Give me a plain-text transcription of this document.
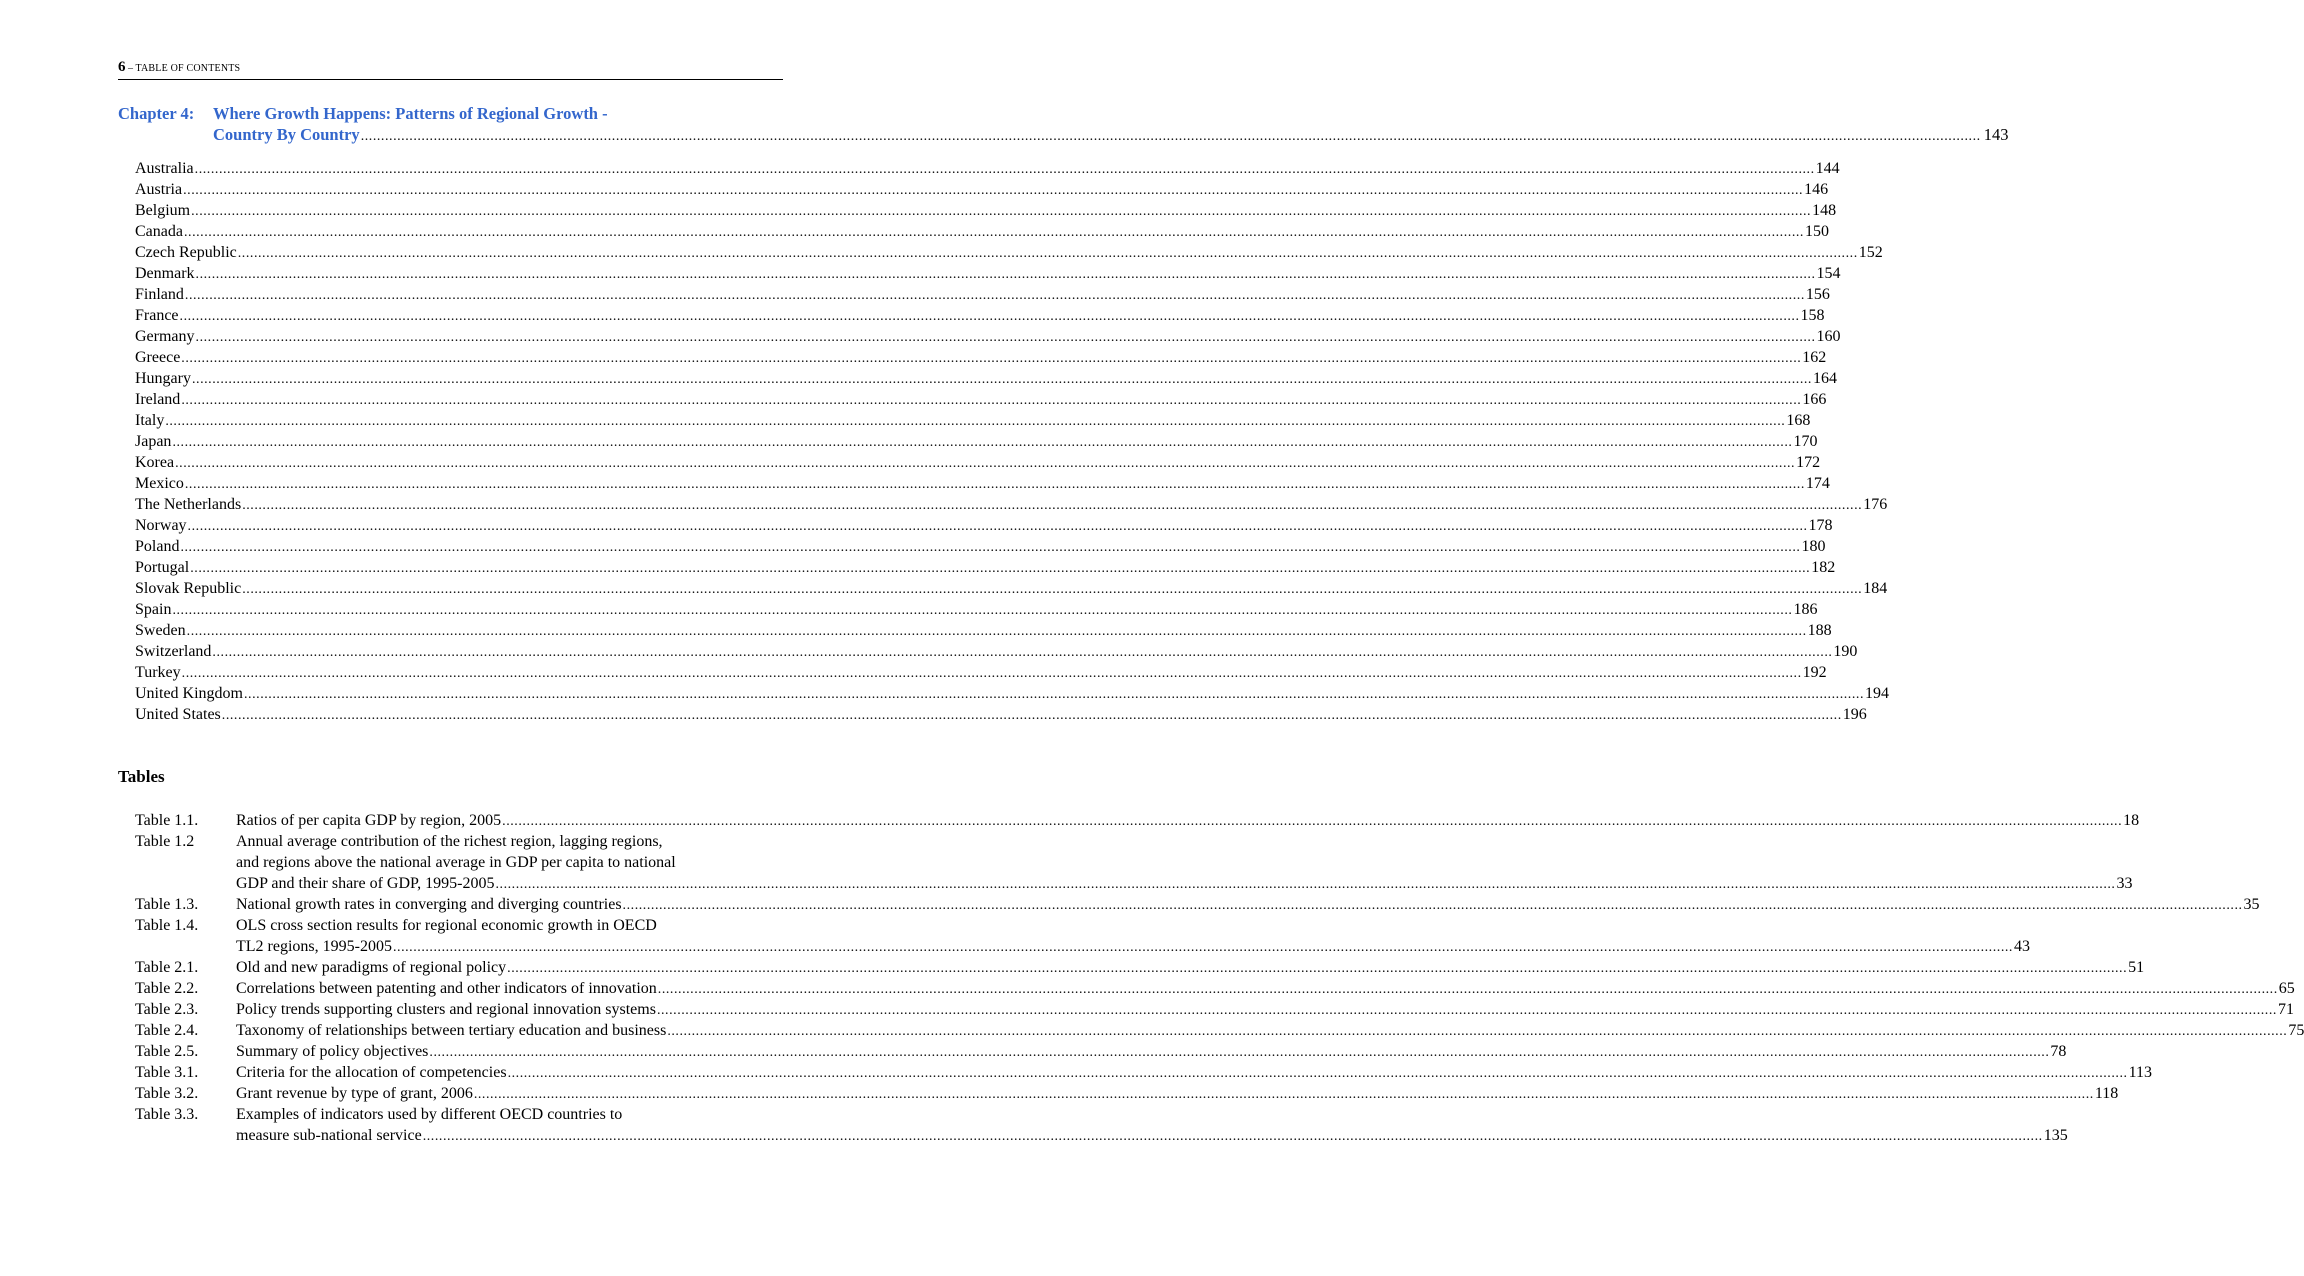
6 – TABLE OF CONTENTS
Chapter 4: Where Growth Happens: Patterns of Regional Growth -
Country By Country ................................................................................................................................................................................................................................................................................................................................................................................................................ 143
Australia ................................................................................................................................................................................................................................................................................................................................................................................................................ 144
Austria ................................................................................................................................................................................................................................................................................................................................................................................................................ 146
Belgium ................................................................................................................................................................................................................................................................................................................................................................................................................ 148
Canada ................................................................................................................................................................................................................................................................................................................................................................................................................ 150
Czech Republic ................................................................................................................................................................................................................................................................................................................................................................................................................ 152
Denmark ................................................................................................................................................................................................................................................................................................................................................................................................................ 154
Finland ................................................................................................................................................................................................................................................................................................................................................................................................................ 156
France ................................................................................................................................................................................................................................................................................................................................................................................................................ 158
Germany ................................................................................................................................................................................................................................................................................................................................................................................................................ 160
Greece ................................................................................................................................................................................................................................................................................................................................................................................................................ 162
Hungary ................................................................................................................................................................................................................................................................................................................................................................................................................ 164
Ireland ................................................................................................................................................................................................................................................................................................................................................................................................................ 166
Italy ................................................................................................................................................................................................................................................................................................................................................................................................................ 168
Japan ................................................................................................................................................................................................................................................................................................................................................................................................................ 170
Korea ................................................................................................................................................................................................................................................................................................................................................................................................................ 172
Mexico ................................................................................................................................................................................................................................................................................................................................................................................................................ 174
The Netherlands ................................................................................................................................................................................................................................................................................................................................................................................................................ 176
Norway ................................................................................................................................................................................................................................................................................................................................................................................................................ 178
Poland ................................................................................................................................................................................................................................................................................................................................................................................................................ 180
Portugal ................................................................................................................................................................................................................................................................................................................................................................................................................ 182
Slovak Republic ................................................................................................................................................................................................................................................................................................................................................................................................................ 184
Spain ................................................................................................................................................................................................................................................................................................................................................................................................................ 186
Sweden ................................................................................................................................................................................................................................................................................................................................................................................................................ 188
Switzerland ................................................................................................................................................................................................................................................................................................................................................................................................................ 190
Turkey ................................................................................................................................................................................................................................................................................................................................................................................................................ 192
United Kingdom ................................................................................................................................................................................................................................................................................................................................................................................................................ 194
United States ................................................................................................................................................................................................................................................................................................................................................................................................................ 196
Tables
Table 1.1.	Ratios of per capita GDP by region, 2005 ................................................................................................................................................................................................................................................................................................................................................................................................................ 18
Table 1.2	Annual average contribution of the richest region, lagging regions,
and regions above the national average in GDP per capita to national
GDP and their share of GDP, 1995-2005 ................................................................................................................................................................................................................................................................................................................................................................................................................ 33
Table 1.3.	National growth rates in converging and diverging countries ................................................................................................................................................................................................................................................................................................................................................................................................................ 35
Table 1.4.	OLS cross section results for regional economic growth in OECD
TL2 regions, 1995-2005 ................................................................................................................................................................................................................................................................................................................................................................................................................ 43
Table 2.1.	Old and new paradigms of regional policy ................................................................................................................................................................................................................................................................................................................................................................................................................ 51
Table 2.2.	Correlations between patenting and other indicators of innovation ................................................................................................................................................................................................................................................................................................................................................................................................................ 65
Table 2.3.	Policy trends supporting clusters and regional innovation systems ................................................................................................................................................................................................................................................................................................................................................................................................................ 71
Table 2.4.	Taxonomy of relationships between tertiary education and business ................................................................................................................................................................................................................................................................................................................................................................................................................ 75
Table 2.5.	Summary of policy objectives ................................................................................................................................................................................................................................................................................................................................................................................................................ 78
Table 3.1.	Criteria for the allocation of competencies ................................................................................................................................................................................................................................................................................................................................................................................................................ 113
Table 3.2.	Grant revenue by type of grant, 2006 ................................................................................................................................................................................................................................................................................................................................................................................................................ 118
Table 3.3.	Examples of indicators used by different OECD countries to
measure sub-national service ................................................................................................................................................................................................................................................................................................................................................................................................................ 135
